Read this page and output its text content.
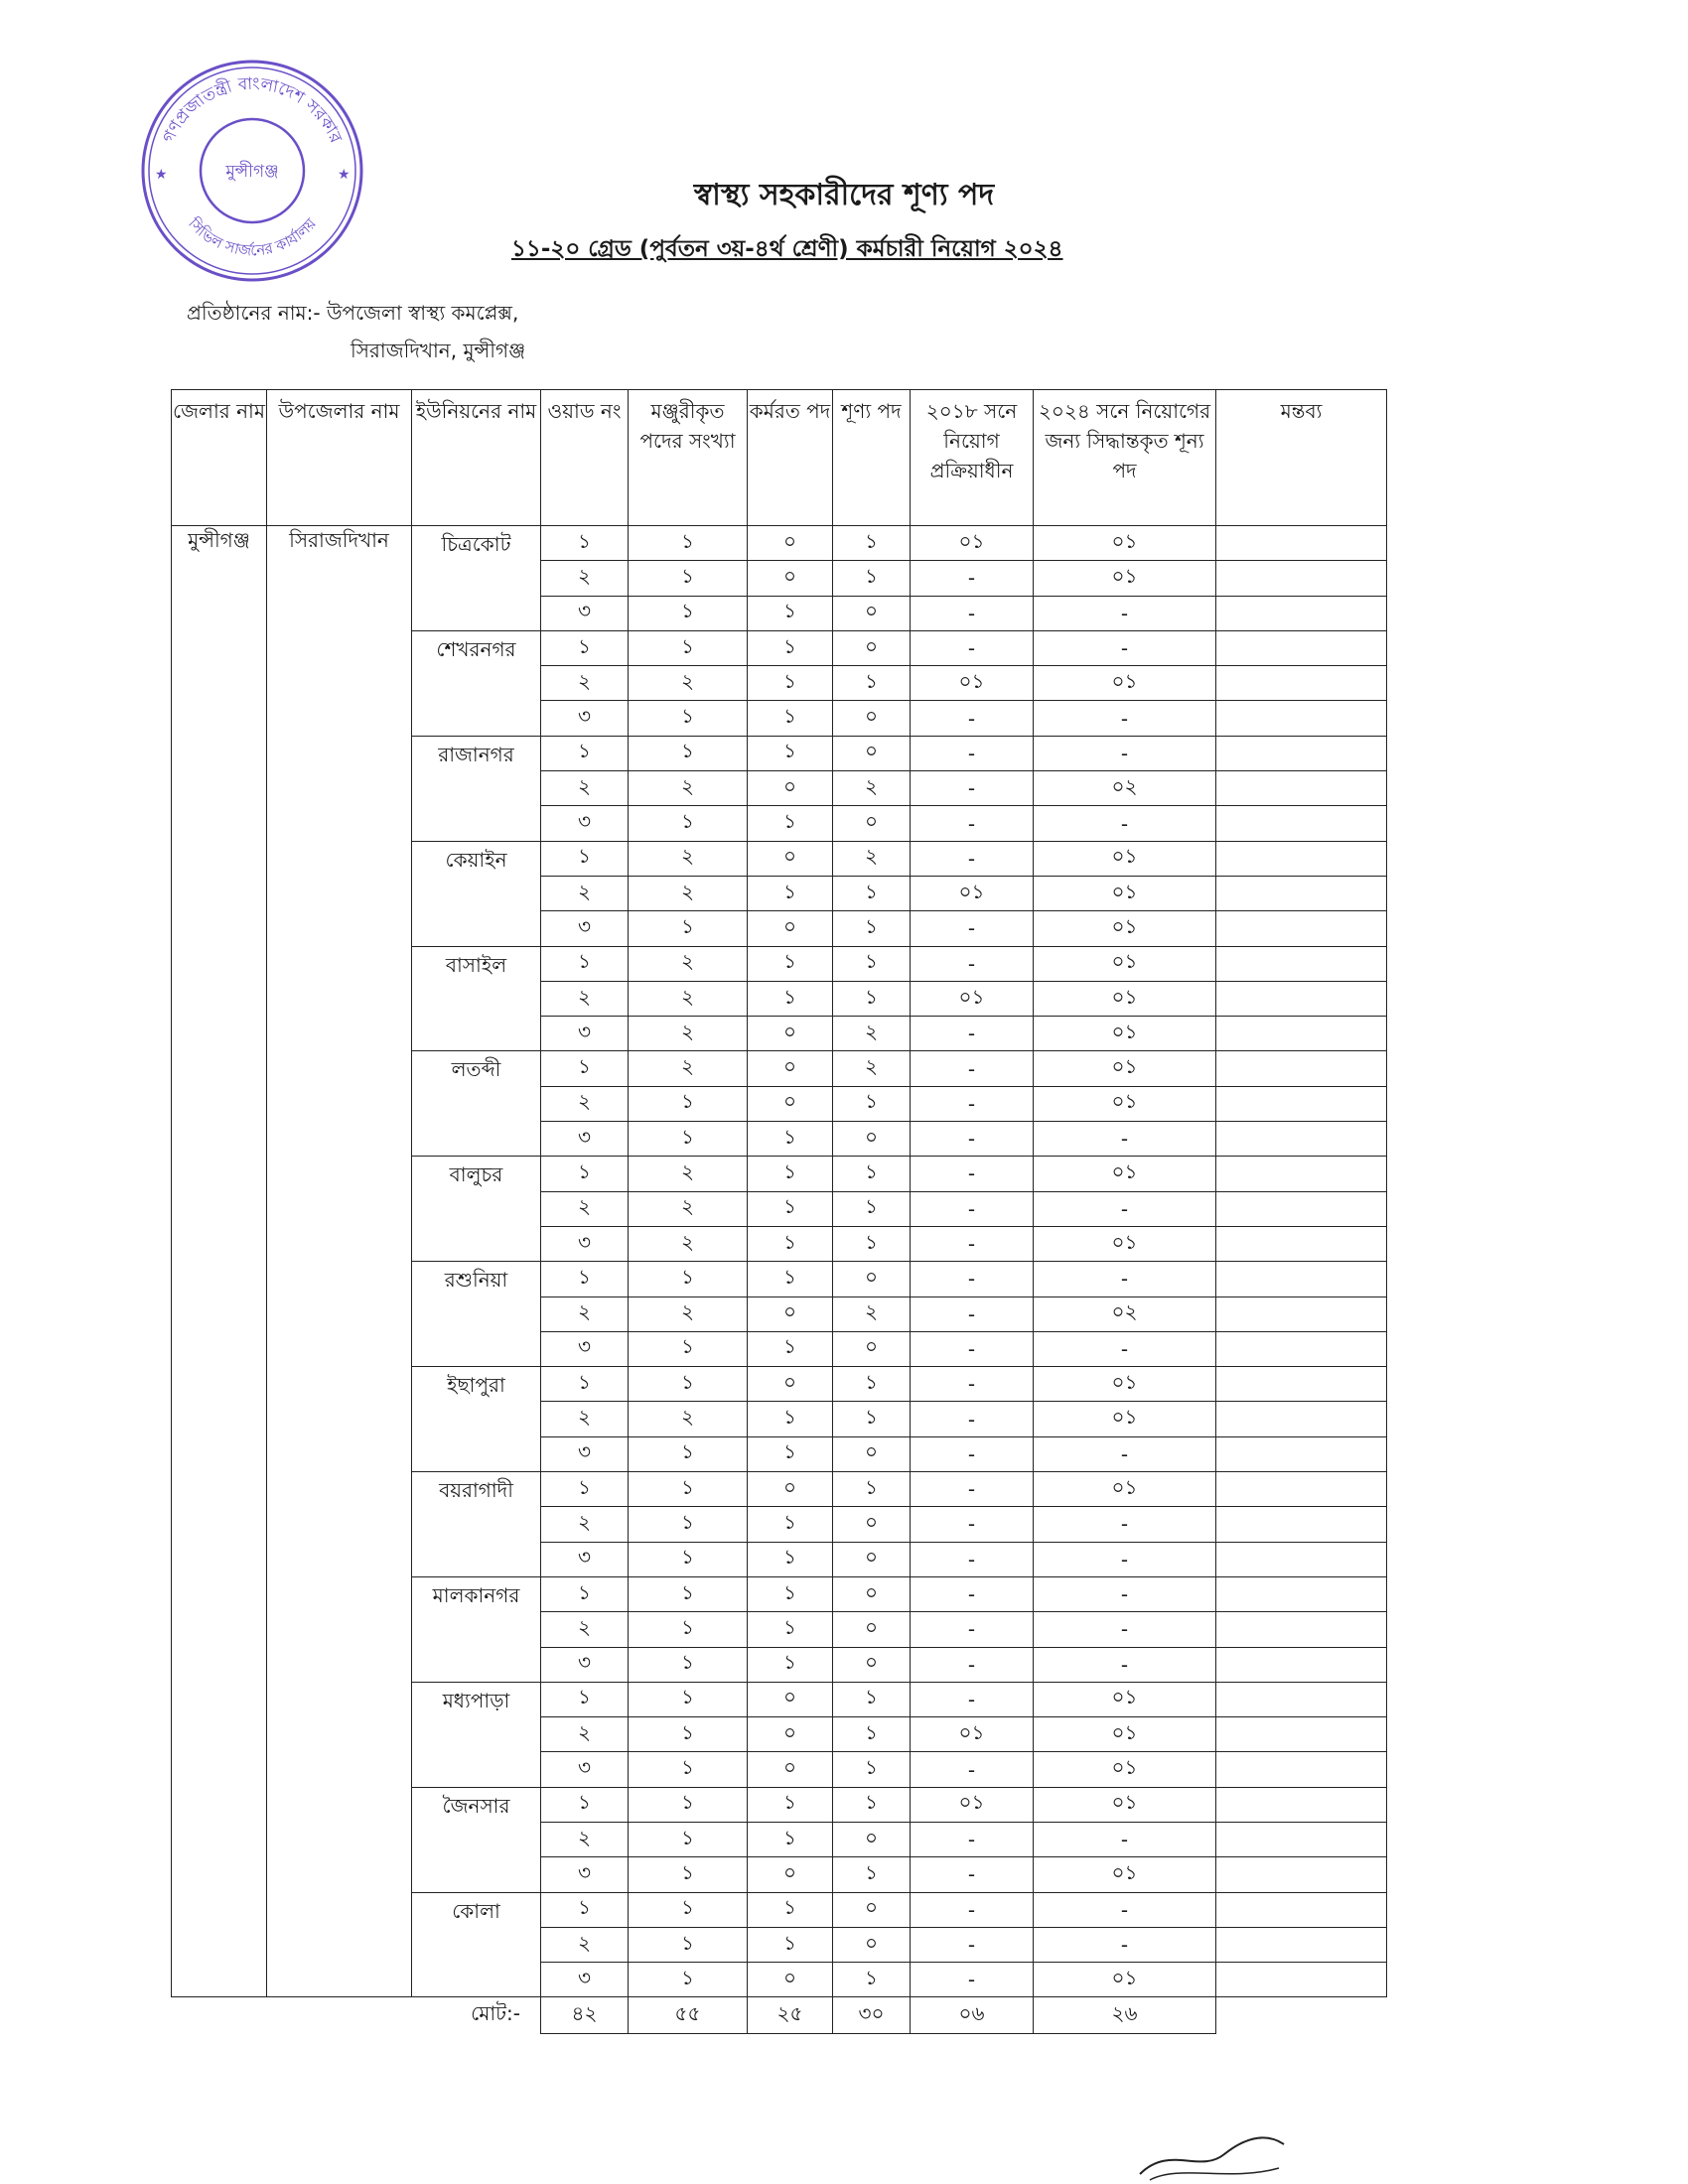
গণপ্রজাতন্ত্রী বাংলাদেশ সরকার
সিভিল সার্জনের কার্যালয়
মুন্সীগঞ্জ
★	★
স্বাস্থ্য সহকারীদের শূণ্য পদ
১১-২০ গ্রেড (পুর্বতন ৩য়-৪র্থ শ্রেণী) কর্মচারী নিয়োগ ২০২৪
প্রতিষ্ঠানের নাম:- উপজেলা স্বাস্থ্য কমপ্লেক্স,
সিরাজদিখান, মুন্সীগঞ্জ
জেলার নাম	উপজেলার নাম	ইউনিয়নের নাম	ওয়াড নং	মঞ্জুরীকৃত পদের সংখ্যা	কর্মরত পদ	শূণ্য পদ	২০১৮ সনে নিয়োগ প্রক্রিয়াধীন	২০২৪ সনে নিয়োগের জন্য সিদ্ধান্তকৃত শূন্য পদ	মন্তব্য
মুন্সীগঞ্জ	সিরাজদিখান	চিত্রকোট	১	১	০	১	০১	০১	
			২	১	০	১	-	০১	
			৩	১	১	০	-	-	
		শেখরনগর	১	১	১	০	-	-	
			২	২	১	১	০১	০১	
			৩	১	১	০	-	-	
		রাজানগর	১	১	১	০	-	-	
			২	২	০	২	-	০২	
			৩	১	১	০	-	-	
		কেয়াইন	১	২	০	২	-	০১	
			২	২	১	১	০১	০১	
			৩	১	০	১	-	০১	
		বাসাইল	১	২	১	১	-	০১	
			২	২	১	১	০১	০১	
			৩	২	০	২	-	০১	
		লতব্দী	১	২	০	২	-	০১	
			২	১	০	১	-	০১	
			৩	১	১	০	-	-	
		বালুচর	১	২	১	১	-	০১	
			২	২	১	১	-	-	
			৩	২	১	১	-	০১	
		রশুনিয়া	১	১	১	০	-	-	
			২	২	০	২	-	০২	
			৩	১	১	০	-	-	
		ইছাপুরা	১	১	০	১	-	০১	
			২	২	১	১	-	০১	
			৩	১	১	০	-	-	
		বয়রাগাদী	১	১	০	১	-	০১	
			২	১	১	০	-	-	
			৩	১	১	০	-	-	
		মালকানগর	১	১	১	০	-	-	
			২	১	১	০	-	-	
			৩	১	১	০	-	-	
		মধ্যপাড়া	১	১	০	১	-	০১	
			২	১	০	১	০১	০১	
			৩	১	০	১	-	০১	
		জৈনসার	১	১	১	১	০১	০১	
			২	১	১	০	-	-	
			৩	১	০	১	-	০১	
		কোলা	১	১	১	০	-	-	
			২	১	১	০	-	-	
			৩	১	০	১	-	০১	
		মোট:-	৪২	৫৫	২৫	৩০	০৬	২৬	
